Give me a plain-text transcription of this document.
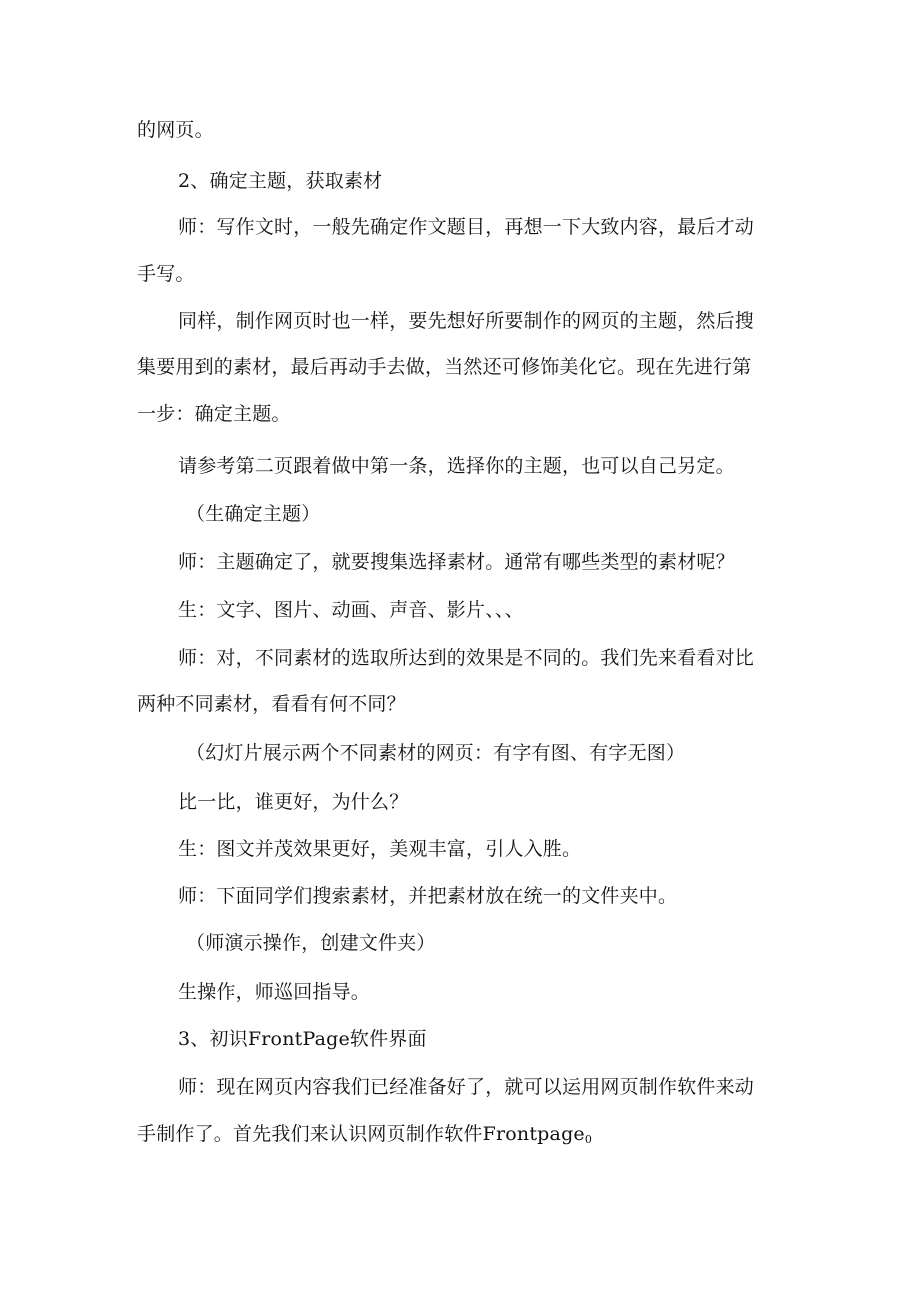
的网页。
2、确定主题，获取素材
师：写作文时，一般先确定作文题目，再想一下大致内容，最后才动
手写。
同样，制作网页时也一样，要先想好所要制作的网页的主题，然后搜
集要用到的素材，最后再动手去做，当然还可修饰美化它。现在先进行第
一步：确定主题。
请参考第二页跟着做中第一条，选择你的主题，也可以自己另定。
（生确定主题）
师：主题确定了，就要搜集选择素材。通常有哪些类型的素材呢？
生：文字、图片、动画、声音、影片、、、
师：对，不同素材的选取所达到的效果是不同的。我们先来看看对比
两种不同素材，看看有何不同？
（幻灯片展示两个不同素材的网页：有字有图、有字无图）
比一比，谁更好，为什么？
生：图文并茂效果更好，美观丰富，引人入胜。
师：下面同学们搜索素材，并把素材放在统一的文件夹中。
（师演示操作，创建文件夹）
生操作，师巡回指导。
3、初识FrontPage软件界面
师：现在网页内容我们已经准备好了，就可以运用网页制作软件来动
手制作了。首先我们来认识网页制作软件Frontpage$_0$
